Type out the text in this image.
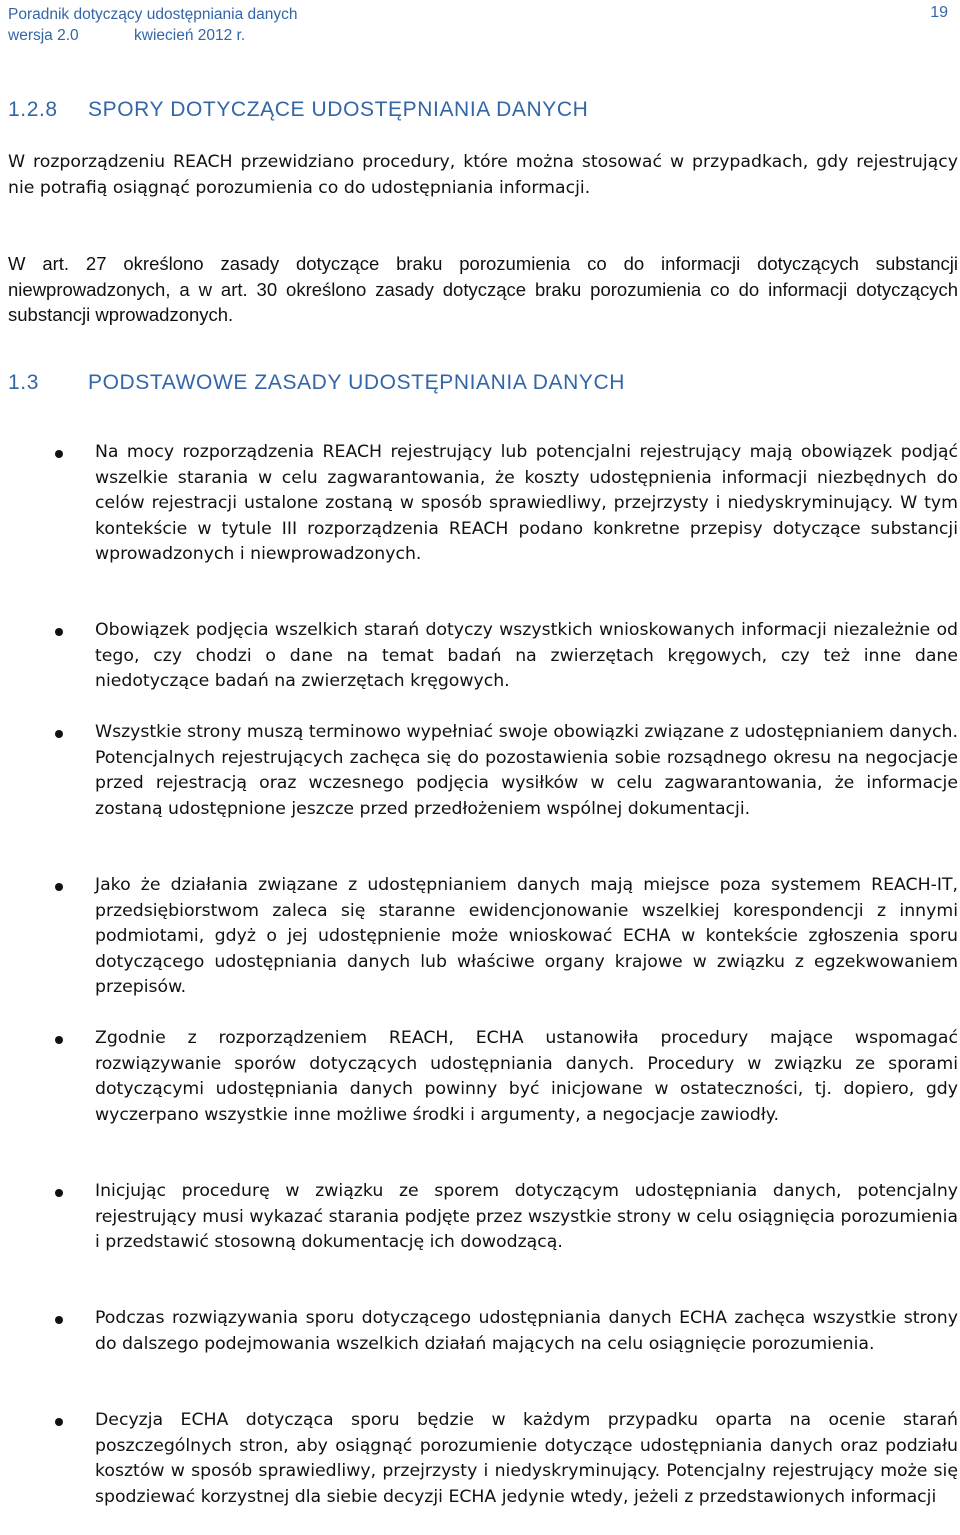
Poradnik dotyczący udostępniania danych
wersja 2.0	kwiecień 2012 r.
19
1.2.8 SPORY DOTYCZĄCE UDOSTĘPNIANIA DANYCH

W rozporządzeniu REACH przewidziano procedury, które można stosować w przypadkach, gdy rejestrujący nie potrafią osiągnąć porozumienia co do udostępniania informacji.

W art. 27 określono zasady dotyczące braku porozumienia co do informacji dotyczących substancji niewprowadzonych, a w art. 30 określono zasady dotyczące braku porozumienia co do informacji dotyczących substancji wprowadzonych.

1.3 PODSTAWOWE ZASADY UDOSTĘPNIANIA DANYCH
Na mocy rozporządzenia REACH rejestrujący lub potencjalni rejestrujący mają obowiązek podjąć wszelkie starania w celu zagwarantowania, że koszty udostępnienia informacji niezbędnych do celów rejestracji ustalone zostaną w sposób sprawiedliwy, przejrzysty i niedyskryminujący. W tym kontekście w tytule III rozporządzenia REACH podano konkretne przepisy dotyczące substancji wprowadzonych i niewprowadzonych.
Obowiązek podjęcia wszelkich starań dotyczy wszystkich wnioskowanych informacji niezależnie od tego, czy chodzi o dane na temat badań na zwierzętach kręgowych, czy też inne dane niedotyczące badań na zwierzętach kręgowych.
Wszystkie strony muszą terminowo wypełniać swoje obowiązki związane z udostępnianiem danych. Potencjalnych rejestrujących zachęca się do pozostawienia sobie rozsądnego okresu na negocjacje przed rejestracją oraz wczesnego podjęcia wysiłków w celu zagwarantowania, że informacje zostaną udostępnione jeszcze przed przedłożeniem wspólnej dokumentacji.
Jako że działania związane z udostępnianiem danych mają miejsce poza systemem REACH-IT, przedsiębiorstwom zaleca się staranne ewidencjonowanie wszelkiej korespondencji z innymi podmiotami, gdyż o jej udostępnienie może wnioskować ECHA w kontekście zgłoszenia sporu dotyczącego udostępniania danych lub właściwe organy krajowe w związku z egzekwowaniem przepisów.
Zgodnie z rozporządzeniem REACH, ECHA ustanowiła procedury mające wspomagać rozwiązywanie sporów dotyczących udostępniania danych. Procedury w związku ze sporami dotyczącymi udostępniania danych powinny być inicjowane w ostateczności, tj. dopiero, gdy wyczerpano wszystkie inne możliwe środki i argumenty, a negocjacje zawiodły.
Inicjując procedurę w związku ze sporem dotyczącym udostępniania danych, potencjalny rejestrujący musi wykazać starania podjęte przez wszystkie strony w celu osiągnięcia porozumienia i przedstawić stosowną dokumentację ich dowodzącą.
Podczas rozwiązywania sporu dotyczącego udostępniania danych ECHA zachęca wszystkie strony do dalszego podejmowania wszelkich działań mających na celu osiągnięcie porozumienia.
Decyzja ECHA dotycząca sporu będzie w każdym przypadku oparta na ocenie starań poszczególnych stron, aby osiągnąć porozumienie dotyczące udostępniania danych oraz podziału kosztów w sposób sprawiedliwy, przejrzysty i niedyskryminujący. Potencjalny rejestrujący może się spodziewać korzystnej dla siebie decyzji ECHA jedynie wtedy, jeżeli z przedstawionych informacji
